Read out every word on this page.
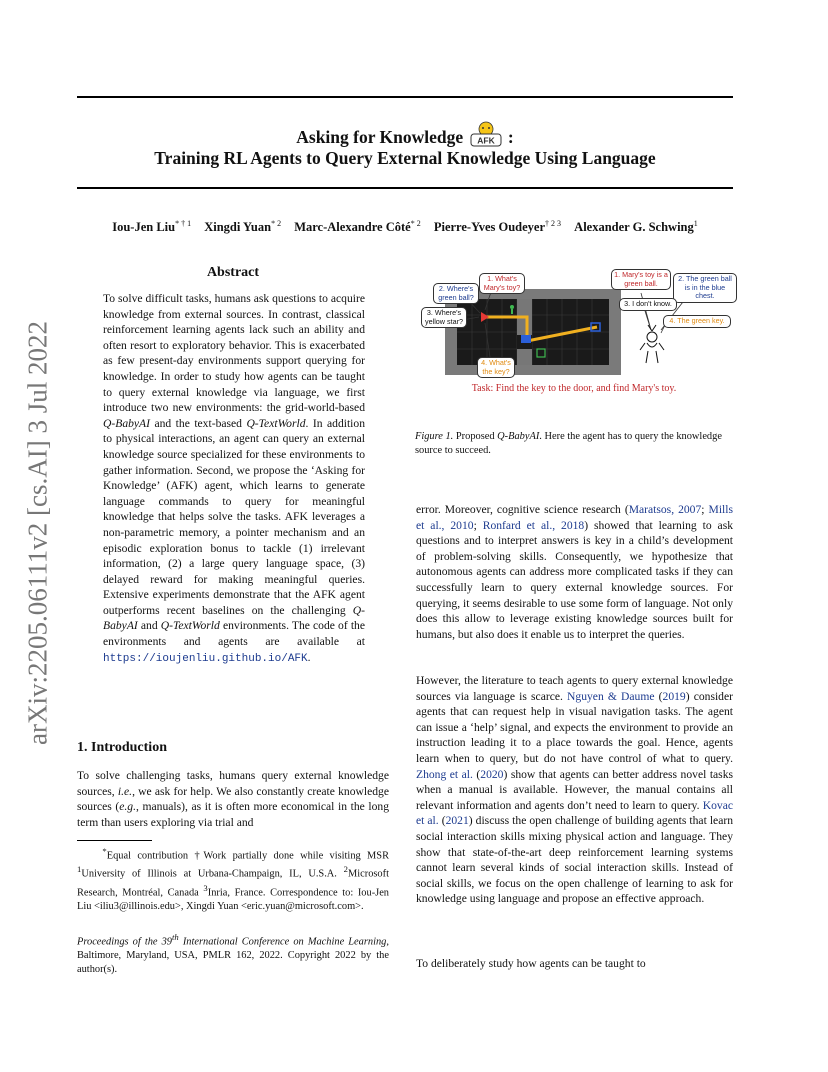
Asking for Knowledge AFK :
Training RL Agents to Query External Knowledge Using Language
Iou-Jen Liu$^{* \dagger 1}$ Xingdi Yuan$^{* 2}$ Marc-Alexandre Côté$^{* 2}$ Pierre-Yves Oudeyer$^{\dagger 2 3}$ Alexander G. Schwing$^1$
arXiv:2205.06111v2 [cs.AI] 3 Jul 2022
Abstract
To solve difficult tasks, humans ask questions to acquire knowledge from external sources. In contrast, classical reinforcement learning agents lack such an ability and often resort to exploratory behavior. This is exacerbated as few present-day environments support querying for knowledge. In order to study how agents can be taught to query external knowledge via language, we first introduce two new environments: the grid-world-based Q-BabyAI and the text-based Q-TextWorld. In addition to physical interactions, an agent can query an external knowledge source specialized for these environments to gather information. Second, we propose the ‘Asking for Knowledge’ (AFK) agent, which learns to generate language commands to query for meaningful knowledge that helps solve the tasks. AFK leverages a non-parametric memory, a pointer mechanism and an episodic exploration bonus to tackle (1) irrelevant information, (2) a large query language space, (3) delayed reward for making meaningful queries. Extensive experiments demonstrate that the AFK agent outperforms recent baselines on the challenging Q-BabyAI and Q-TextWorld environments. The code of the environments and agents are available at https://ioujenliu.github.io/AFK.
1. Introduction
To solve challenging tasks, humans query external knowledge sources, i.e., we ask for help. We also constantly create knowledge sources (e.g., manuals), as it is often more economical in the long term than users exploring via trial and
*Equal contribution †Work partially done while visiting MSR $^1$University of Illinois at Urbana-Champaign, IL, U.S.A. $^2$Microsoft Research, Montréal, Canada $^3$Inria, France. Correspondence to: Iou-Jen Liu <iliu3@illinois.edu>, Xingdi Yuan <eric.yuan@microsoft.com>.
Proceedings of the 39th International Conference on Machine Learning, Baltimore, Maryland, USA, PMLR 162, 2022. Copyright 2022 by the author(s).
1. What's Mary's toy?
2. Where's green ball?
3. Where's yellow star?
4. What's the key?
1. Mary's toy is a green ball.	2. The green ball is in the blue chest.
3. I don't know.
4. The green key.
Task: Find the key to the door, and find Mary's toy.
Figure 1. Proposed Q-BabyAI. Here the agent has to query the knowledge source to succeed.
error. Moreover, cognitive science research (Maratsos, 2007; Mills et al., 2010; Ronfard et al., 2018) showed that learning to ask questions and to interpret answers is key in a child’s development of problem-solving skills. Consequently, we hypothesize that autonomous agents can address more complicated tasks if they can successfully learn to query external knowledge sources. For querying, it seems desirable to use some form of language. Not only does this allow to leverage existing knowledge sources built for humans, but also does it enable us to interpret the queries.
However, the literature to teach agents to query external knowledge sources via language is scarce. Nguyen & Daume (2019) consider agents that can request help in visual navigation tasks. The agent can issue a ‘help’ signal, and expects the environment to provide an instruction leading it to a place towards the goal. Hence, agents learn when to query, but do not have control of what to query. Zhong et al. (2020) show that agents can better address novel tasks when a manual is available. However, the manual contains all relevant information and agents don’t need to learn to query. Kovac et al. (2021) discuss the open challenge of building agents that learn social interaction skills mixing physical action and language. They show that state-of-the-art deep reinforcement learning systems cannot learn several kinds of social interaction skills. Instead of social skills, we focus on the open challenge of learning to ask for knowledge using language and propose an effective approach.
To deliberately study how agents can be taught to
